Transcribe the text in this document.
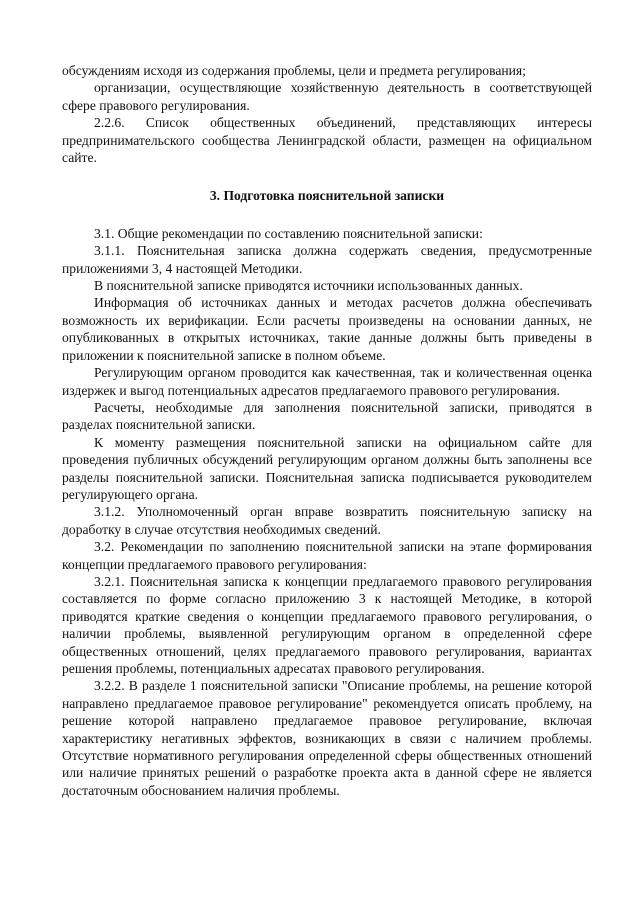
обсуждениям исходя из содержания проблемы, цели и предмета регулирования;

организации, осуществляющие хозяйственную деятельность в соответствующей сфере правового регулирования.

2.2.6. Список общественных объединений, представляющих интересы предпринимательского сообщества Ленинградской области, размещен на официальном сайте.

3. Подготовка пояснительной записки

3.1. Общие рекомендации по составлению пояснительной записки:

3.1.1. Пояснительная записка должна содержать сведения, предусмотренные приложениями 3, 4 настоящей Методики.

В пояснительной записке приводятся источники использованных данных.

Информация об источниках данных и методах расчетов должна обеспечивать возможность их верификации. Если расчеты произведены на основании данных, не опубликованных в открытых источниках, такие данные должны быть приведены в приложении к пояснительной записке в полном объеме.

Регулирующим органом проводится как качественная, так и количественная оценка издержек и выгод потенциальных адресатов предлагаемого правового регулирования.

Расчеты, необходимые для заполнения пояснительной записки, приводятся в разделах пояснительной записки.

К моменту размещения пояснительной записки на официальном сайте для проведения публичных обсуждений регулирующим органом должны быть заполнены все разделы пояснительной записки. Пояснительная записка подписывается руководителем регулирующего органа.

3.1.2. Уполномоченный орган вправе возвратить пояснительную записку на доработку в случае отсутствия необходимых сведений.

3.2. Рекомендации по заполнению пояснительной записки на этапе формирования концепции предлагаемого правового регулирования:

3.2.1. Пояснительная записка к концепции предлагаемого правового регулирования составляется по форме согласно приложению 3 к настоящей Методике, в которой приводятся краткие сведения о концепции предлагаемого правового регулирования, о наличии проблемы, выявленной регулирующим органом в определенной сфере общественных отношений, целях предлагаемого правового регулирования, вариантах решения проблемы, потенциальных адресатах правового регулирования.

3.2.2. В разделе 1 пояснительной записки "Описание проблемы, на решение которой направлено предлагаемое правовое регулирование" рекомендуется описать проблему, на решение которой направлено предлагаемое правовое регулирование, включая характеристику негативных эффектов, возникающих в связи с наличием проблемы. Отсутствие нормативного регулирования определенной сферы общественных отношений или наличие принятых решений о разработке проекта акта в данной сфере не является достаточным обоснованием наличия проблемы.
